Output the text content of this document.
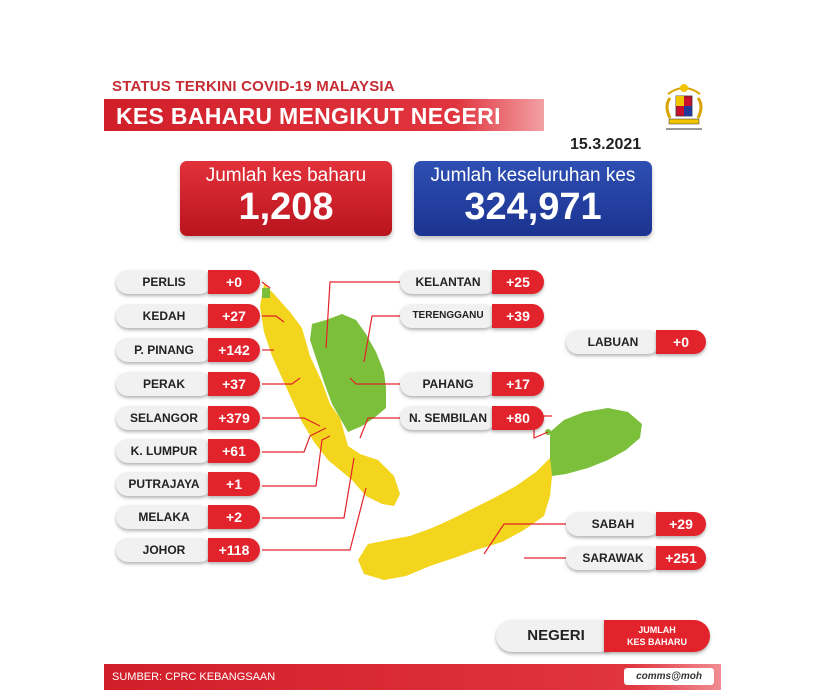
STATUS TERKINI COVID-19 MALAYSIA
KES BAHARU MENGIKUT NEGERI
15.3.2021
Jumlah kes baharu
1,208
Jumlah keseluruhan kes
324,971
PERLIS	+0
KEDAH	+27
P. PINANG	+142
PERAK	+37
SELANGOR	+379
K. LUMPUR	+61
PUTRAJAYA	+1
MELAKA	+2
JOHOR	+118
KELANTAN	+25
TERENGGANU	+39
PAHANG	+17
N. SEMBILAN	+80
LABUAN	+0
SABAH	+29
SARAWAK	+251
NEGERI	JUMLAH
KES BAHARU
SUMBER: CPRC KEBANGSAAN	comms@moh
